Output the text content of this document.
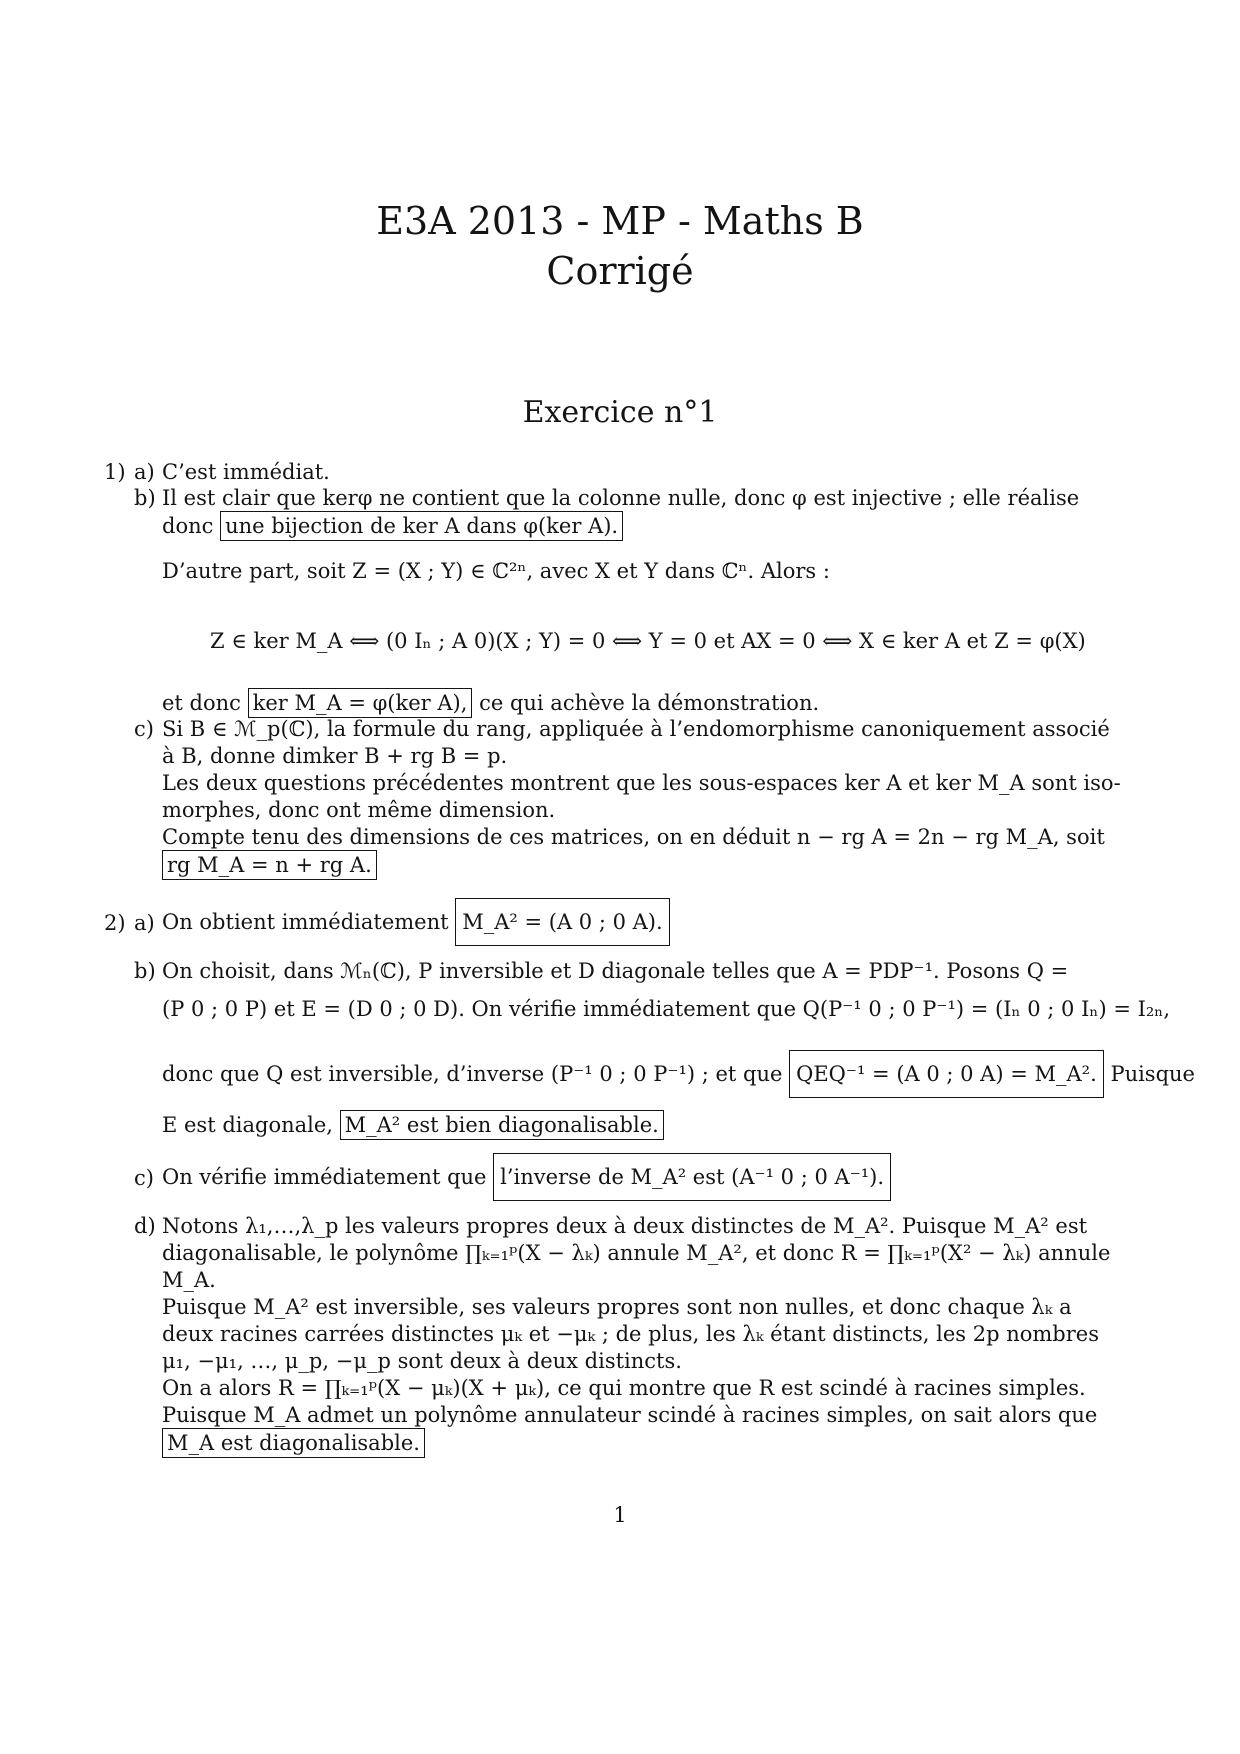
E3A 2013 - MP - Maths B
Corrigé
Exercice n°1
1) a) C’est immédiat.
b) Il est clair que kerφ ne contient que la colonne nulle, donc φ est injective ; elle réalise
donc une bijection de ker A dans φ(ker A).
D’autre part, soit Z = (X ; Y) ∈ ℂ²ⁿ, avec X et Y dans ℂⁿ. Alors :
Z ∈ ker M_A ⟺ (0 Iₙ ; A 0)(X ; Y) = 0 ⟺ Y = 0 et AX = 0 ⟺ X ∈ ker A et Z = φ(X)
et donc ker M_A = φ(ker A), ce qui achève la démonstration.
c) Si B ∈ ℳ_p(ℂ), la formule du rang, appliquée à l’endomorphisme canoniquement associé
à B, donne dimker B + rg B = p.
Les deux questions précédentes montrent que les sous-espaces ker A et ker M_A sont iso-
morphes, donc ont même dimension.
Compte tenu des dimensions de ces matrices, on en déduit n − rg A = 2n − rg M_A, soit
rg M_A = n + rg A.
2) a) On obtient immédiatement M_A² = (A 0 ; 0 A).
b) On choisit, dans ℳₙ(ℂ), P inversible et D diagonale telles que A = PDP⁻¹. Posons Q =
(P 0 ; 0 P) et E = (D 0 ; 0 D). On vérifie immédiatement que Q(P⁻¹ 0 ; 0 P⁻¹) = (Iₙ 0 ; 0 Iₙ) = I₂ₙ,
donc que Q est inversible, d’inverse (P⁻¹ 0 ; 0 P⁻¹) ; et que QEQ⁻¹ = (A 0 ; 0 A) = M_A². Puisque
E est diagonale, M_A² est bien diagonalisable.
c) On vérifie immédiatement que l’inverse de M_A² est (A⁻¹ 0 ; 0 A⁻¹).
d) Notons λ₁,…,λ_p les valeurs propres deux à deux distinctes de M_A². Puisque M_A² est
diagonalisable, le polynôme ∏ₖ₌₁ᵖ(X − λₖ) annule M_A², et donc R = ∏ₖ₌₁ᵖ(X² − λₖ) annule
M_A.
Puisque M_A² est inversible, ses valeurs propres sont non nulles, et donc chaque λₖ a
deux racines carrées distinctes μₖ et −μₖ ; de plus, les λₖ étant distincts, les 2p nombres
μ₁, −μ₁, …, μ_p, −μ_p sont deux à deux distincts.
On a alors R = ∏ₖ₌₁ᵖ(X − μₖ)(X + μₖ), ce qui montre que R est scindé à racines simples.
Puisque M_A admet un polynôme annulateur scindé à racines simples, on sait alors que
M_A est diagonalisable.
1
